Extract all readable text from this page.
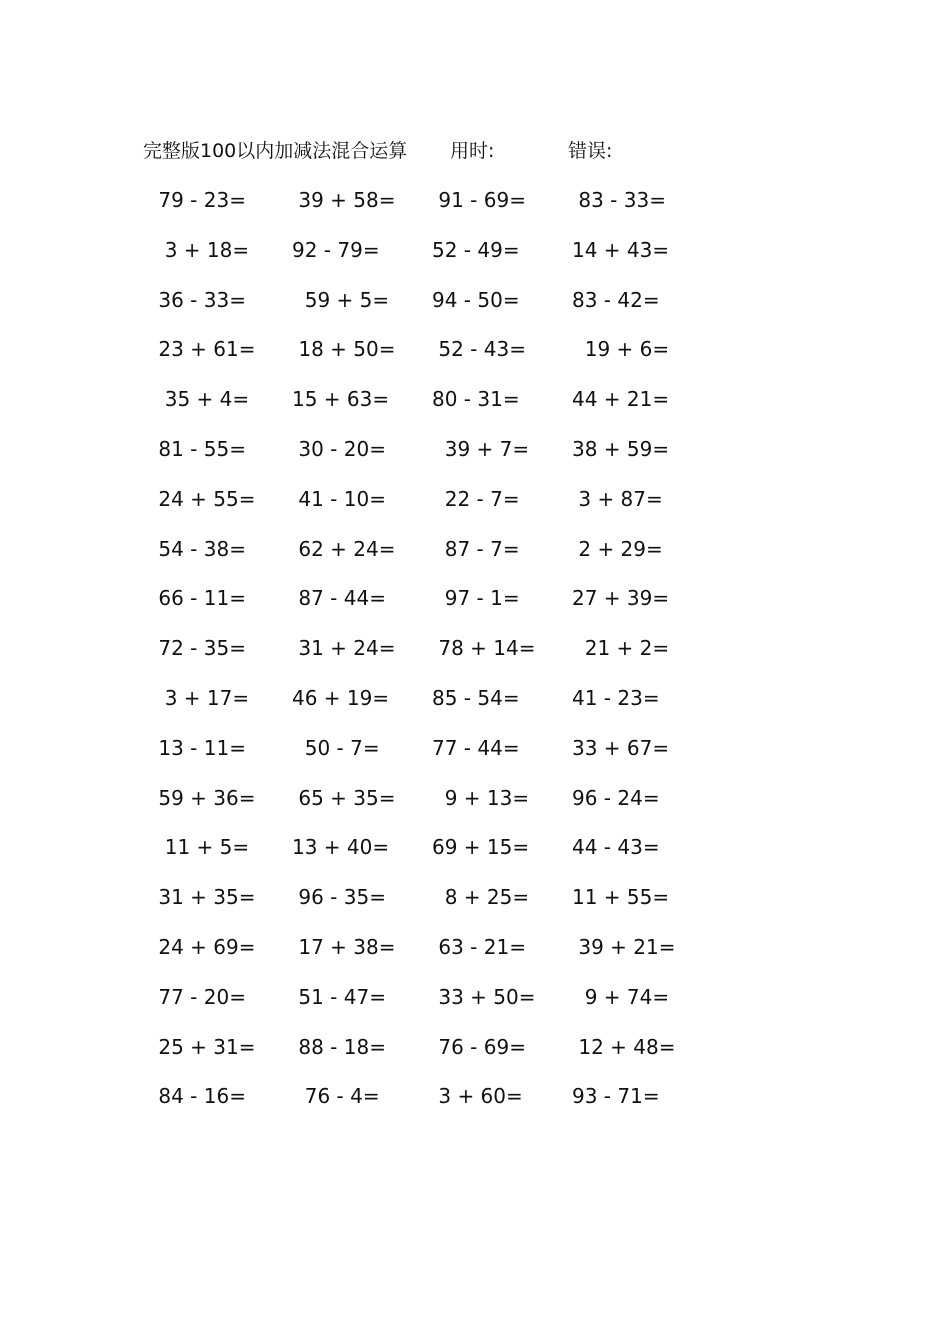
完整版100以内加减法混合运算 用时:	错误:
79 - 23=	39 + 58=	91 - 69=	83 - 33=
3 + 18=	92 - 79=	52 - 49=	14 + 43=
36 - 33=	59 + 5=	94 - 50=	83 - 42=
23 + 61=	18 + 50=	52 - 43=	19 + 6=
35 + 4=	15 + 63=	80 - 31=	44 + 21=
81 - 55=	30 - 20=	39 + 7=	38 + 59=
24 + 55=	41 - 10=	22 - 7=	3 + 87=
54 - 38=	62 + 24=	87 - 7=	2 + 29=
66 - 11=	87 - 44=	97 - 1=	27 + 39=
72 - 35=	31 + 24=	78 + 14=	21 + 2=
3 + 17=	46 + 19=	85 - 54=	41 - 23=
13 - 11=	50 - 7=	77 - 44=	33 + 67=
59 + 36=	65 + 35=	9 + 13=	96 - 24=
11 + 5=	13 + 40=	69 + 15=	44 - 43=
31 + 35=	96 - 35=	8 + 25=	11 + 55=
24 + 69=	17 + 38=	63 - 21=	39 + 21=
77 - 20=	51 - 47=	33 + 50=	9 + 74=
25 + 31=	88 - 18=	76 - 69=	12 + 48=
84 - 16=	76 - 4=	3 + 60=	93 - 71=
